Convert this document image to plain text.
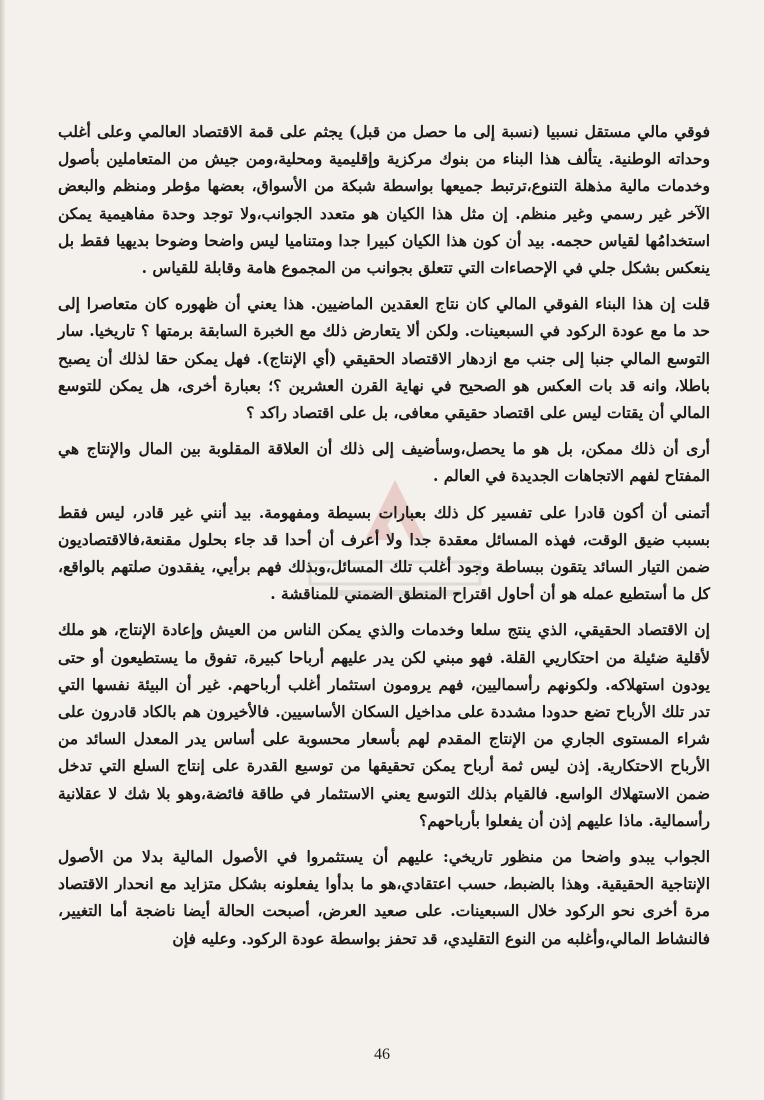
فوقي مالي مستقل نسبيا (نسبة إلى ما حصل من قبل) يجثم على قمة الاقتصاد العالمي وعلى أغلب وحداته الوطنية. يتألف هذا البناء من بنوك مركزية وإقليمية ومحلية،ومن جيش من المتعاملين بأصول وخدمات مالية مذهلة التنوع،ترتبط جميعها بواسطة شبكة من الأسواق، بعضها مؤطر ومنظم والبعض الآخر غير رسمي وغير منظم. إن مثل هذا الكيان هو متعدد الجوانب،ولا توجد وحدة مفاهيمية يمكن استخدامُها لقياس حجمه. بيد أن كون هذا الكيان كبيرا جدا ومتناميا ليس واضحا وضوحا بديهيا فقط بل ينعكس بشكل جلي في الإحصاءات التي تتعلق بجوانب من المجموع هامة وقابلة للقياس .

قلت إن هذا البناء الفوقي المالي كان نتاج العقدين الماضيين. هذا يعني أن ظهوره كان متعاصرا إلى حد ما مع عودة الركود في السبعينات. ولكن ألا يتعارض ذلك مع الخبرة السابقة برمتها ؟ تاريخيا. سار التوسع المالي جنبا إلى جنب مع ازدهار الاقتصاد الحقيقي (أي الإنتاج). فهل يمكن حقا لذلك أن يصبح باطلا، وانه قد بات العكس هو الصحيح في نهاية القرن العشرين ؟؛ بعبارة أخرى، هل يمكن للتوسع المالي أن يقتات ليس على اقتصاد حقيقي معافى، بل على اقتصاد راكد ؟

أرى أن ذلك ممكن، بل هو ما يحصل،وسأضيف إلى ذلك أن العلاقة المقلوبة بين المال والإنتاج هي المفتاح لفهم الاتجاهات الجديدة في العالم .

أتمنى أن أكون قادرا على تفسير كل ذلك بعبارات بسيطة ومفهومة. بيد أنني غير قادر، ليس فقط بسبب ضيق الوقت، فهذه المسائل معقدة جدا ولا أعرف أن أحدا قد جاء بحلول مقنعة،فالاقتصاديون ضمن التيار السائد يتقون ببساطة وجود أغلب تلك المسائل،وبذلك فهم برأيي، يفقدون صلتهم بالواقع، كل ما أستطيع عمله هو أن أحاول اقتراح المنطق الضمني للمناقشة .

إن الاقتصاد الحقيقي، الذي ينتج سلعا وخدمات والذي يمكن الناس من العيش وإعادة الإنتاج، هو ملك لأقلية ضئيلة من احتكاريي القلة. فهو مبني لكن يدر عليهم أرباحا كبيرة، تفوق ما يستطيعون أو حتى يودون استهلاكه. ولكونهم رأسماليين، فهم يرومون استثمار أغلب أرباحهم. غير أن البيئة نفسها التي تدر تلك الأرباح تضع حدودا مشددة على مداخيل السكان الأساسيين. فالأخيرون هم بالكاد قادرون على شراء المستوى الجاري من الإنتاج المقدم لهم بأسعار محسوبة على أساس يدر المعدل السائد من الأرباح الاحتكارية. إذن ليس ثمة أرباح يمكن تحقيقها من توسيع القدرة على إنتاج السلع التي تدخل ضمن الاستهلاك الواسع. فالقيام بذلك التوسع يعني الاستثمار في طاقة فائضة،وهو بلا شك لا عقلانية رأسمالية. ماذا عليهم إذن أن يفعلوا بأرباحهم؟

الجواب يبدو واضحا من منظور تاريخي: عليهم أن يستثمروا في الأصول المالية بدلا من الأصول الإنتاجية الحقيقية. وهذا بالضبط، حسب اعتقادي،هو ما بدأوا يفعلونه بشكل متزايد مع انحدار الاقتصاد مرة أخرى نحو الركود خلال السبعينات. على صعيد العرض، أصبحت الحالة أيضا ناضجة أما التغيير، فالنشاط المالي،وأغلبه من النوع التقليدي، قد تحفز بواسطة عودة الركود. وعليه فإن

46
